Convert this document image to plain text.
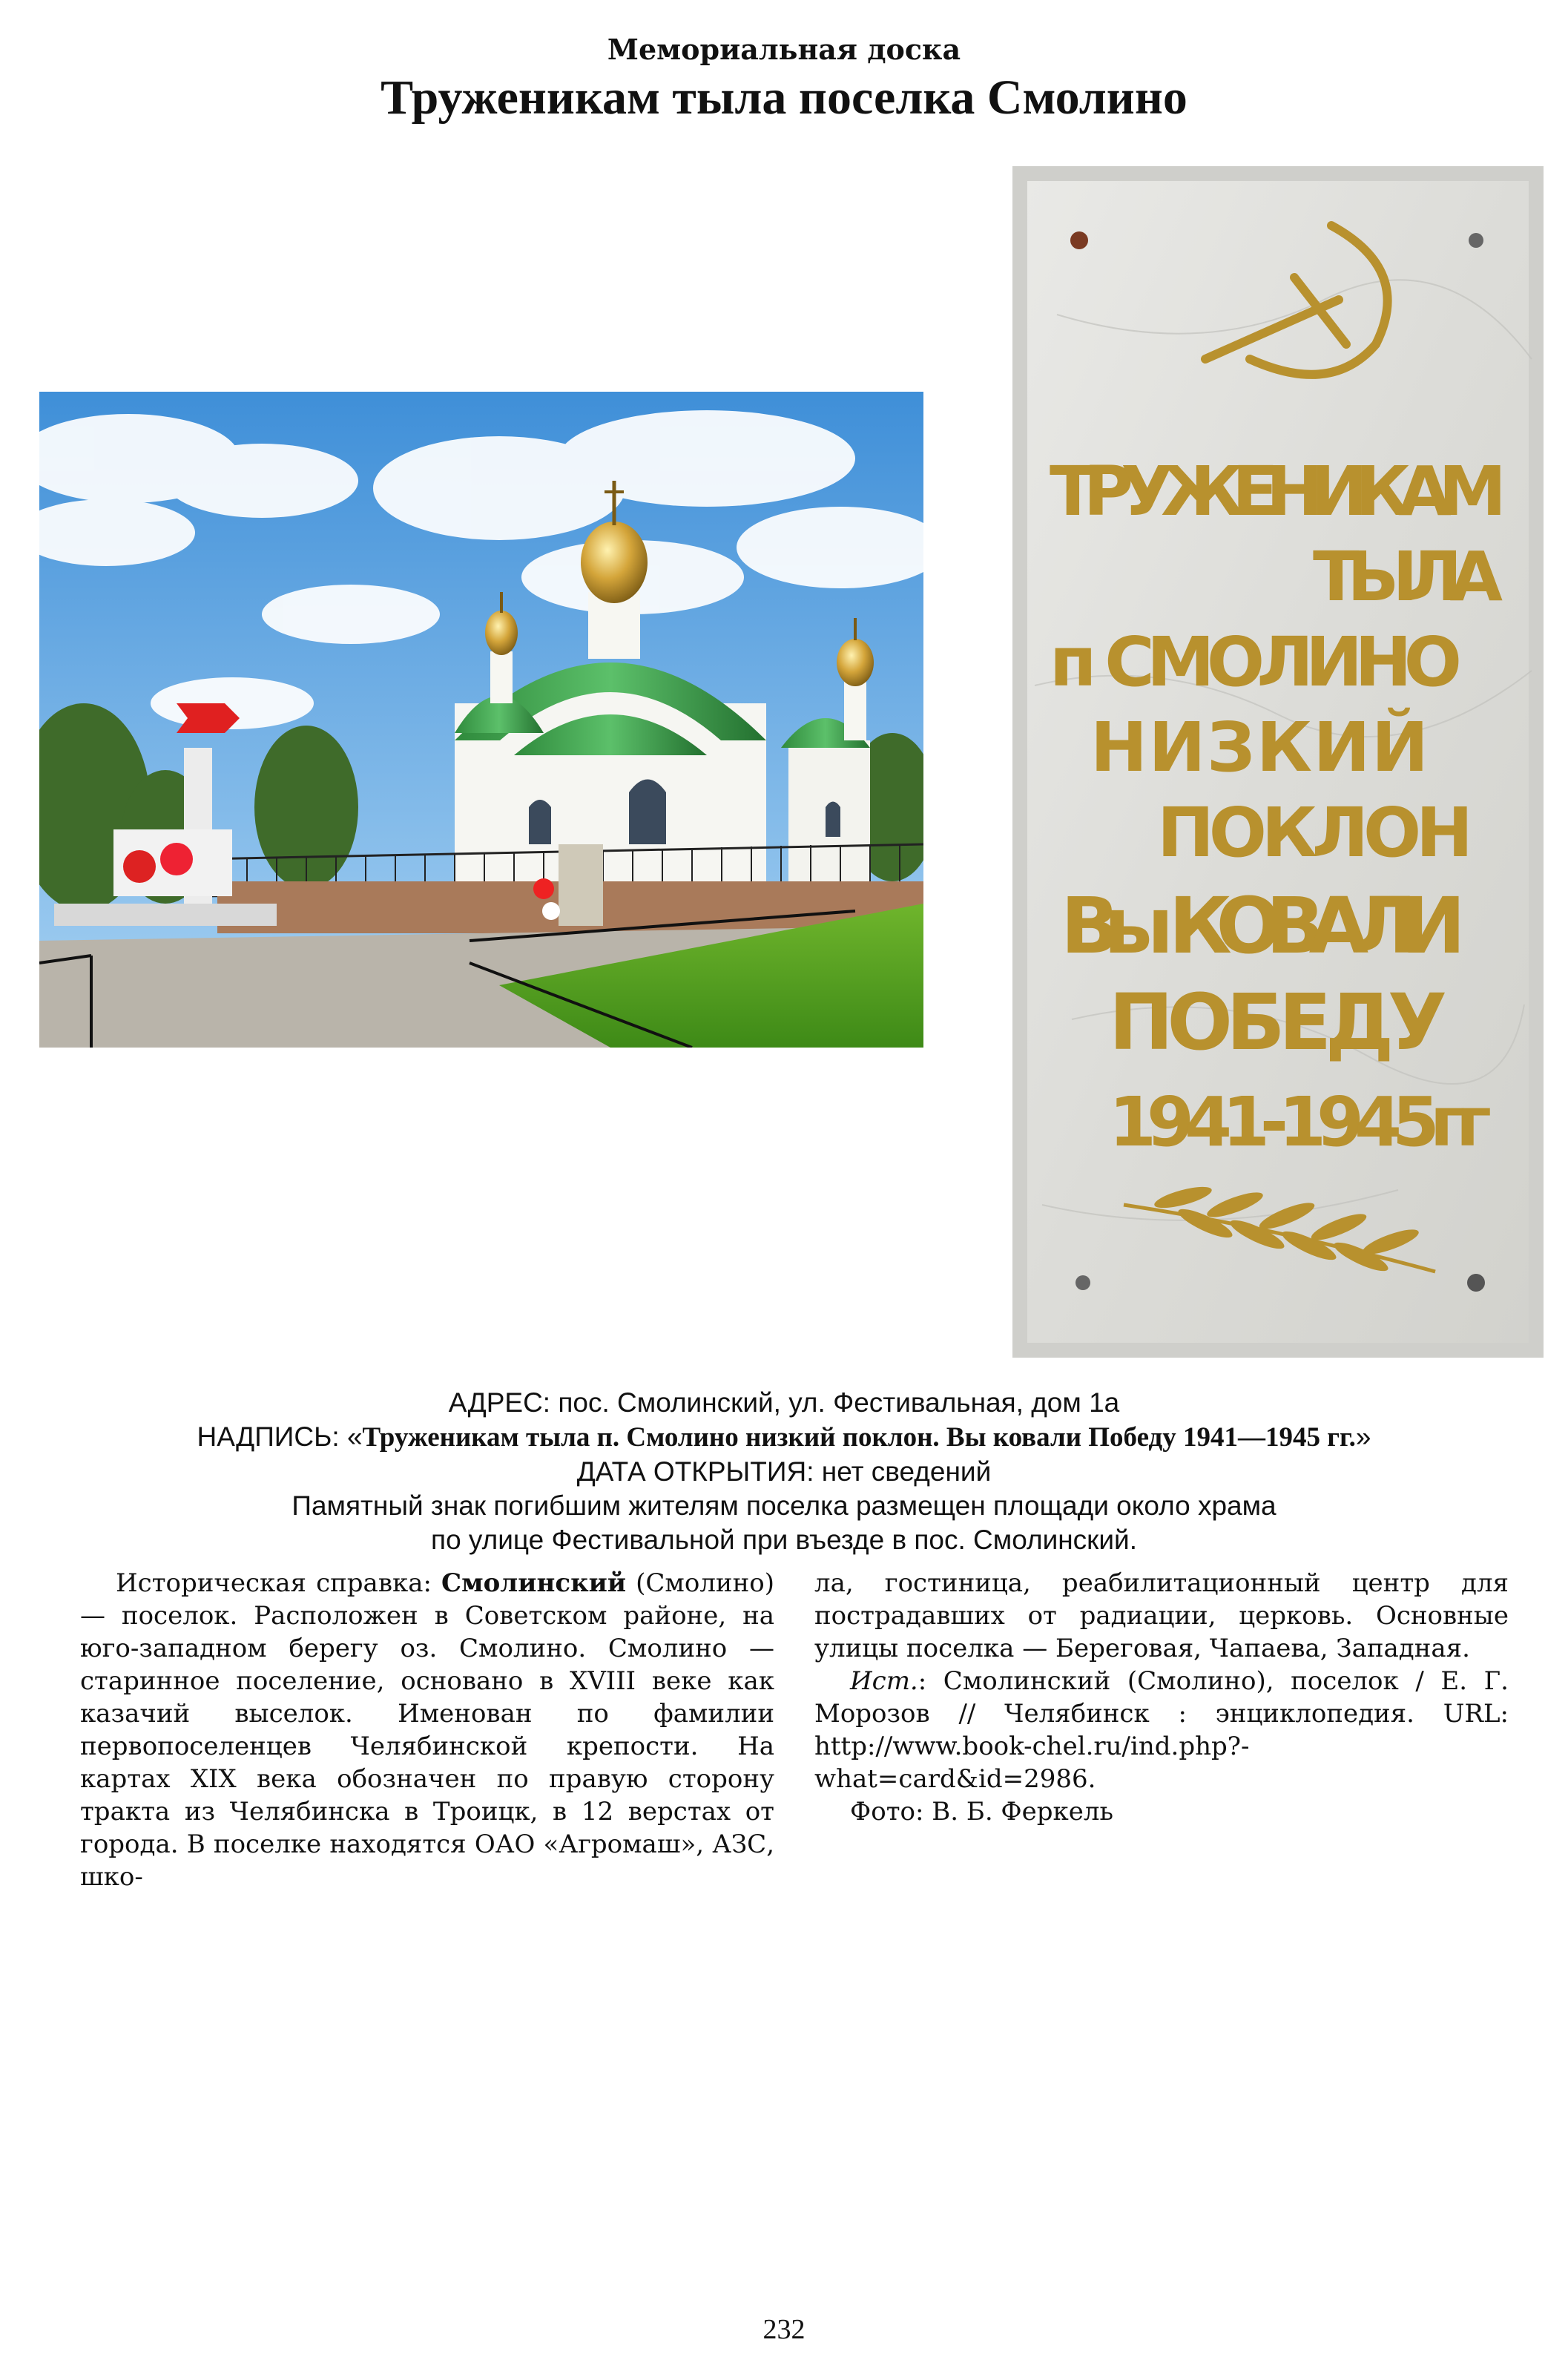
Мемориальная доска
Труженикам тыла поселка Смолино
ТРУЖЕНИКАМ
ТЫЛА
п СМОЛИНО
НИЗКИЙ
ПОКЛОН
Вы КОВАЛИ
ПОБЕДУ
1941-1945гг
АДРЕС: пос. Смолинский, ул. Фестивальная, дом 1а
НАДПИСЬ: «Труженикам тыла п. Смолино низкий поклон. Вы ковали Победу 1941—1945 гг.»
ДАТА ОТКРЫТИЯ: нет сведений
Памятный знак погибшим жителям поселка размещен площади около храма
по улице Фестивальной при въезде в пос. Смолинский.

Историческая справка: Смолинский (Смолино) — поселок. Расположен в Советском районе, на юго-западном берегу оз. Смолино. Смолино — старинное поселение, основано в XVIII веке как казачий выселок. Именован по фамилии первопоселенцев Челябинской крепости. На картах XIX века обозначен по правую сторону тракта из Челябинска в Троицк, в 12 верстах от города. В поселке находятся ОАО «Агромаш», АЗС, шко-

ла, гостиница, реабилитационный центр для пострадавших от радиации, церковь. Основные улицы поселка — Береговая, Чапаева, Западная.

Ист.: Смолинский (Смолино), поселок / Е. Г. Морозов // Челябинск : энциклопедия. URL: http://www.book-chel.ru/ind.php?-what=card&id=2986.

Фото: В. Б. Феркель

232
